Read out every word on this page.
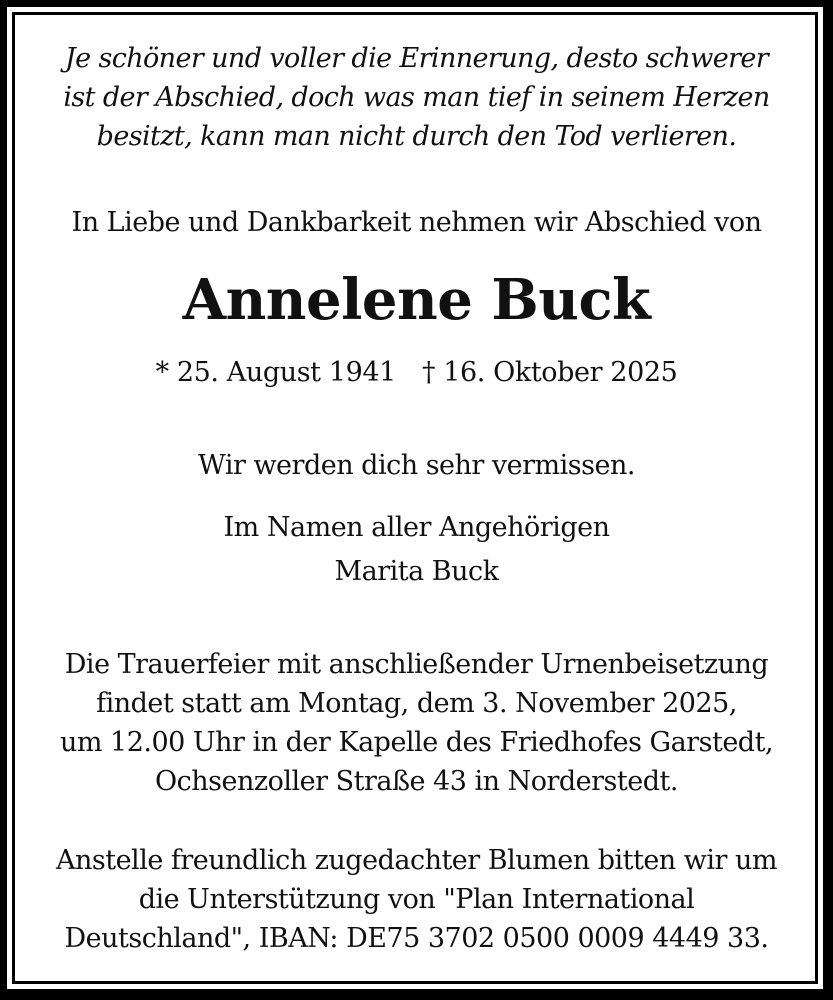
Je schöner und voller die Erinnerung, desto schwerer
ist der Abschied, doch was man tief in seinem Herzen
besitzt, kann man nicht durch den Tod verlieren.
In Liebe und Dankbarkeit nehmen wir Abschied von
Annelene Buck
* 25. August 1941 † 16. Oktober 2025
Wir werden dich sehr vermissen.
Im Namen aller Angehörigen
Marita Buck
Die Trauerfeier mit anschließender Urnenbeisetzung
findet statt am Montag, dem 3. November 2025,
um 12.00 Uhr in der Kapelle des Friedhofes Garstedt,
Ochsenzoller Straße 43 in Norderstedt.
Anstelle freundlich zugedachter Blumen bitten wir um
die Unterstützung von "Plan International
Deutschland", IBAN: DE75 3702 0500 0009 4449 33.
